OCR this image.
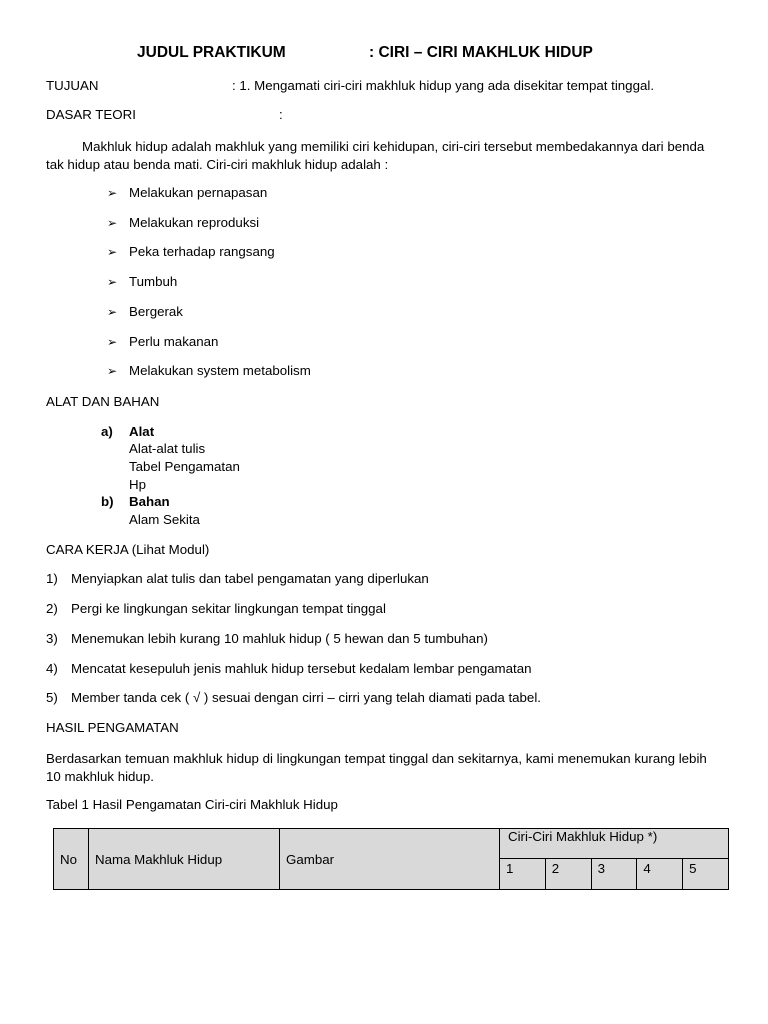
JUDUL PRAKTIKUM	: CIRI – CIRI MAKHLUK HIDUP
TUJUAN	: 1. Mengamati ciri-ciri makhluk hidup yang ada disekitar tempat tinggal.
DASAR TEORI	:
Makhluk hidup adalah makhluk yang memiliki ciri kehidupan, ciri-ciri tersebut membedakannya dari benda tak hidup atau benda mati. Ciri-ciri makhluk hidup adalah :
➢ Melakukan pernapasan
➢ Melakukan reproduksi
➢ Peka terhadap rangsang
➢ Tumbuh
➢ Bergerak
➢ Perlu makanan
➢ Melakukan system metabolism
ALAT DAN BAHAN
a) Alat
Alat-alat tulis
Tabel Pengamatan
Hp
b) Bahan
Alam Sekita
CARA KERJA (Lihat Modul)
1) Menyiapkan alat tulis dan tabel pengamatan yang diperlukan
2) Pergi ke lingkungan sekitar lingkungan tempat tinggal
3) Menemukan lebih kurang 10 mahluk hidup ( 5 hewan dan 5 tumbuhan)
4) Mencatat kesepuluh jenis mahluk hidup tersebut kedalam lembar pengamatan
5) Member tanda cek ( √ ) sesuai dengan cirri – cirri yang telah diamati pada tabel.
HASIL PENGAMATAN
Berdasarkan temuan makhluk hidup di lingkungan tempat tinggal dan sekitarnya, kami menemukan kurang lebih 10 makhluk hidup.
Tabel 1 Hasil Pengamatan Ciri-ciri Makhluk Hidup
No	Nama Makhluk Hidup	Gambar	Ciri-Ciri Makhluk Hidup *)				
			1	2	3	4	5
